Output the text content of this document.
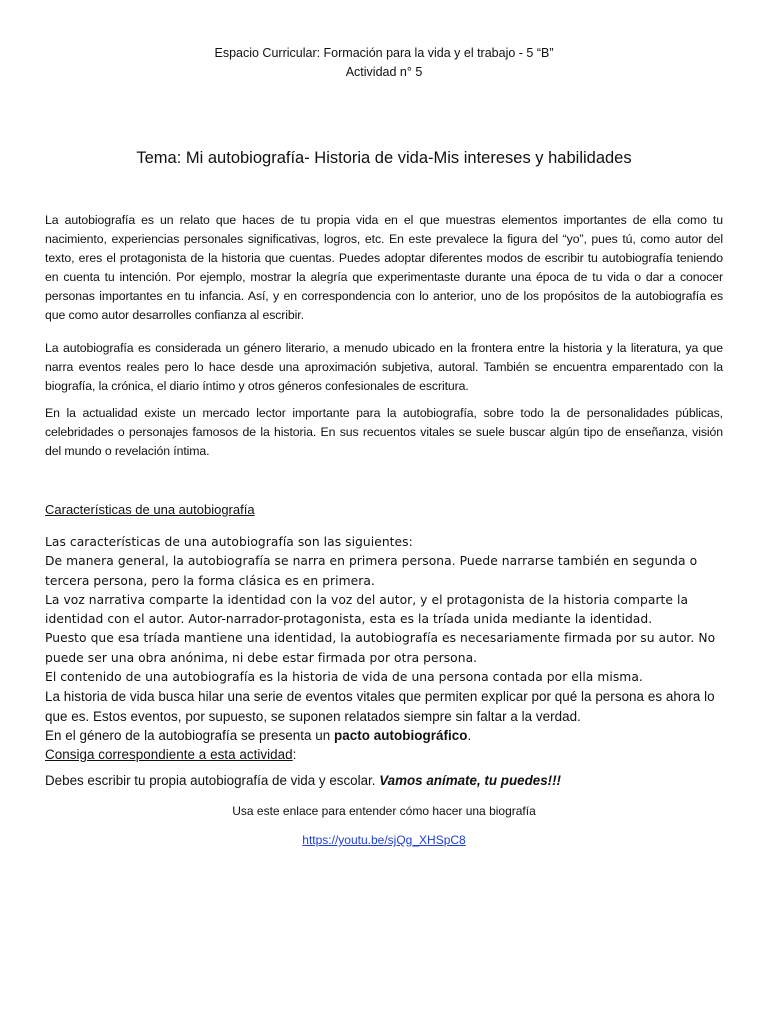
Espacio Curricular: Formación para la vida y el trabajo - 5 “B”
Actividad n° 5
Tema: Mi autobiografía- Historia de vida-Mis intereses y habilidades
La autobiografía es un relato que haces de tu propia vida en el que muestras elementos importantes de ella como tu nacimiento, experiencias personales significativas, logros, etc. En este prevalece la figura del “yo”, pues tú, como autor del texto, eres el protagonista de la historia que cuentas. Puedes adoptar diferentes modos de escribir tu autobiografía teniendo en cuenta tu intención. Por ejemplo, mostrar la alegría que experimentaste durante una época de tu vida o dar a conocer personas importantes en tu infancia. Así, y en correspondencia con lo anterior, uno de los propósitos de la autobiografía es que como autor desarrolles confianza al escribir.
La autobiografía es considerada un género literario, a menudo ubicado en la frontera entre la historia y la literatura, ya que narra eventos reales pero lo hace desde una aproximación subjetiva, autoral. También se encuentra emparentado con la biografía, la crónica, el diario íntimo y otros géneros confesionales de escritura.
En la actualidad existe un mercado lector importante para la autobiografía, sobre todo la de personalidades públicas, celebridades o personajes famosos de la historia. En sus recuentos vitales se suele buscar algún tipo de enseñanza, visión del mundo o revelación íntima.
Características de una autobiografía
Las características de una autobiografía son las siguientes:
De manera general, la autobiografía se narra en primera persona. Puede narrarse también en segunda o tercera persona, pero la forma clásica es en primera.
La voz narrativa comparte la identidad con la voz del autor, y el protagonista de la historia comparte la identidad con el autor. Autor-narrador-protagonista, esta es la tríada unida mediante la identidad.
Puesto que esa tríada mantiene una identidad, la autobiografía es necesariamente firmada por su autor. No puede ser una obra anónima, ni debe estar firmada por otra persona.
El contenido de una autobiografía es la historia de vida de una persona contada por ella misma.
La historia de vida busca hilar una serie de eventos vitales que permiten explicar por qué la persona es ahora lo que es. Estos eventos, por supuesto, se suponen relatados siempre sin faltar a la verdad.
En el género de la autobiografía se presenta un pacto autobiográfico.
Consiga correspondiente a esta actividad:
Debes escribir tu propia autobiografía de vida y escolar. Vamos anímate, tu puedes!!!
Usa este enlace para entender cómo hacer una biografía
https://youtu.be/sjQg_XHSpC8
